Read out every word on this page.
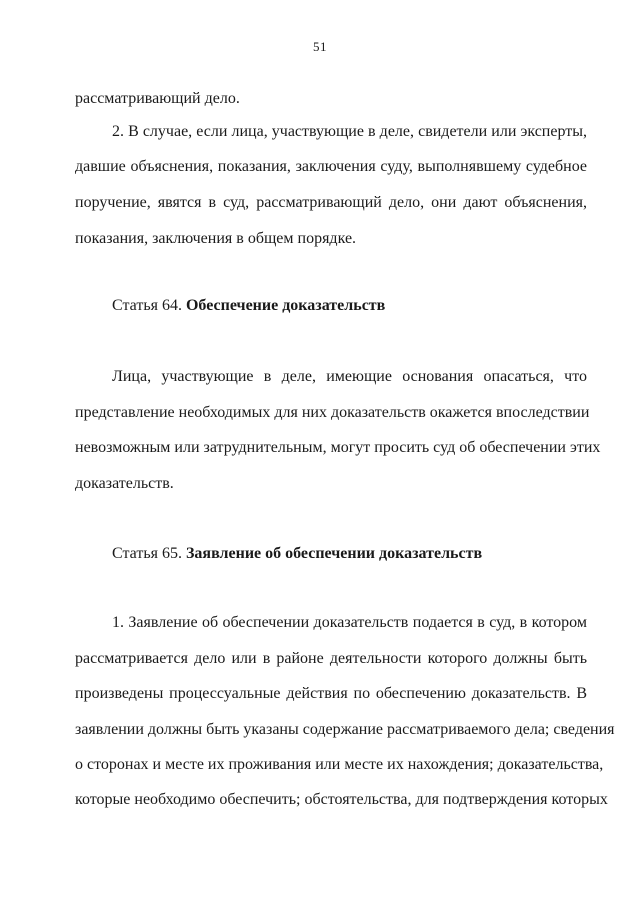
51
рассматривающий дело.
2. В случае, если лица, участвующие в деле, свидетели или эксперты,
давшие объяснения, показания, заключения суду, выполнявшему судебное
поручение, явятся в суд, рассматривающий дело, они дают объяснения,
показания, заключения в общем порядке.
Статья 64. Обеспечение доказательств
Лица, участвующие в деле, имеющие основания опасаться, что
представление необходимых для них доказательств окажется впоследствии
невозможным или затруднительным, могут просить суд об обеспечении этих
доказательств.
Статья 65. Заявление об обеспечении доказательств
1. Заявление об обеспечении доказательств подается в суд, в котором
рассматривается дело или в районе деятельности которого должны быть
произведены процессуальные действия по обеспечению доказательств. В
заявлении должны быть указаны содержание рассматриваемого дела; сведения
о сторонах и месте их проживания или месте их нахождения; доказательства,
которые необходимо обеспечить; обстоятельства, для подтверждения которых
